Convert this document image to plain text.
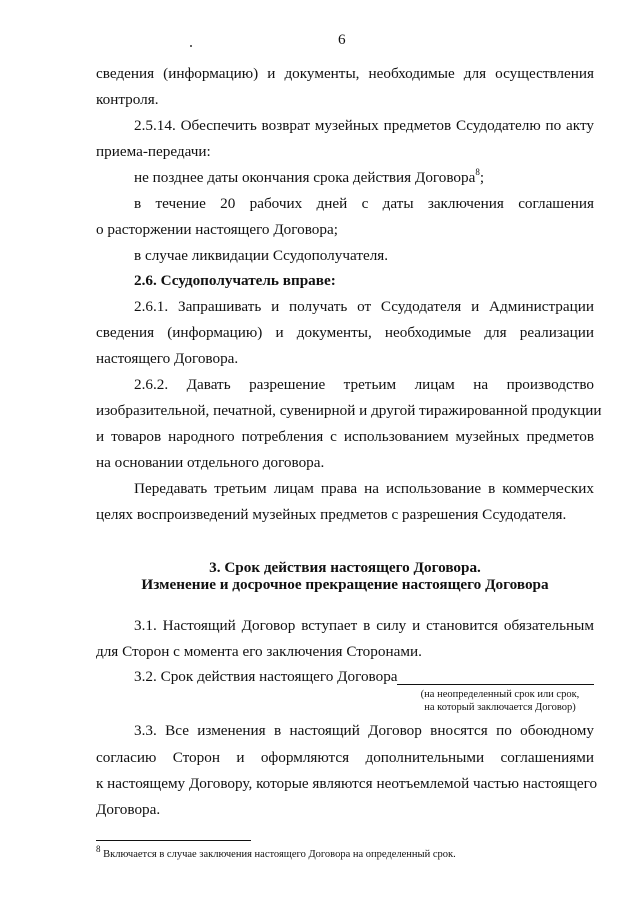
6
сведения (информацию) и документы, необходимые для осуществления
контроля.
2.5.14. Обеспечить возврат музейных предметов Ссудодателю по акту
приема-передачи:
не позднее даты окончания срока действия Договора$^8$;
в течение 20 рабочих дней с даты заключения соглашения
о расторжении настоящего Договора;
в случае ликвидации Ссудополучателя.
2.6. Ссудополучатель вправе:
2.6.1. Запрашивать и получать от Ссудодателя и Администрации
сведения (информацию) и документы, необходимые для реализации
настоящего Договора.
2.6.2. Давать разрешение третьим лицам на производство
изобразительной, печатной, сувенирной и другой тиражированной продукции
и товаров народного потребления с использованием музейных предметов
на основании отдельного договора.
Передавать третьим лицам права на использование в коммерческих
целях воспроизведений музейных предметов с разрешения Ссудодателя.
3. Срок действия настоящего Договора.
Изменение и досрочное прекращение настоящего Договора
3.1. Настоящий Договор вступает в силу и становится обязательным
для Сторон с момента его заключения Сторонами.
3.2. Срок действия настоящего Договора
(на неопределенный срок или срок,
на который заключается Договор)
3.3. Все изменения в настоящий Договор вносятся по обоюдному
согласию Сторон и оформляются дополнительными соглашениями
к настоящему Договору, которые являются неотъемлемой частью настоящего
Договора.
$^8$ Включается в случае заключения настоящего Договора на определенный срок.
